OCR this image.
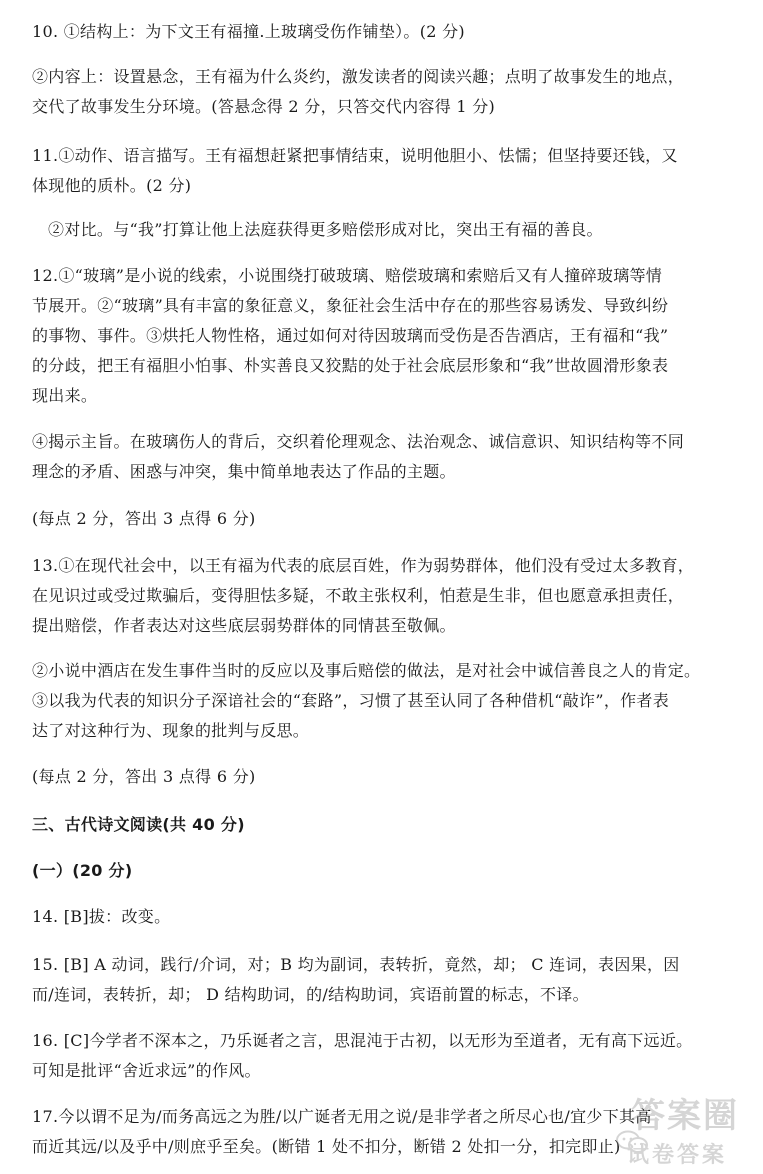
10. ①结构上：为下文王有福撞.上玻璃受伤作铺垫）。(2 分)
②内容上：设置悬念，王有福为什么炎约，激发读者的阅读兴趣；点明了故事发生的地点，
交代了故事发生分环境。(答悬念得 2 分，只答交代内容得 1 分)
11.①动作、语言描写。王有福想赶紧把事情结束，说明他胆小、怯懦；但坚持要还钱，又
体现他的质朴。(2 分)
②对比。与“我”打算让他上法庭获得更多赔偿形成对比，突出王有福的善良。
12.①“玻璃”是小说的线索，小说围绕打破玻璃、赔偿玻璃和索赔后又有人撞碎玻璃等情
节展开。②“玻璃”具有丰富的象征意义，象征社会生活中存在的那些容易诱发、导致纠纷
的事物、事件。③烘托人物性格，通过如何对待因玻璃而受伤是否告酒店，王有福和“我”
的分歧，把王有福胆小怕事、朴实善良又狡黠的处于社会底层形象和“我”世故圆滑形象表
现出来。
④揭示主旨。在玻璃伤人的背后，交织着伦理观念、法治观念、诚信意识、知识结构等不同
理念的矛盾、困惑与冲突，集中简单地表达了作品的主题。
(每点 2 分，答出 3 点得 6 分)
13.①在现代社会中，以王有福为代表的底层百姓，作为弱势群体，他们没有受过太多教育，
在见识过或受过欺骗后，变得胆怯多疑，不敢主张权利，怕惹是生非，但也愿意承担责任，
提出赔偿，作者表达对这些底层弱势群体的同情甚至敬佩。
②小说中酒店在发生事件当时的反应以及事后赔偿的做法，是对社会中诚信善良之人的肯定。
③以我为代表的知识分子深谙社会的“套路”，习惯了甚至认同了各种借机“敲诈”，作者表
达了对这种行为、现象的批判与反思。
(每点 2 分，答出 3 点得 6 分)
三、古代诗文阅读(共 40 分)
(一）(20 分)
14. [B]拔：改变。
15. [B] A 动词，践行/介词，对；B 均为副词，表转折，竟然，却； C 连词，表因果，因
而/连词，表转折，却； D 结构助词，的/结构助词，宾语前置的标志，不译。
16. [C]今学者不深本之，乃乐诞者之言，思混沌于古初，以无形为至道者，无有高下远近。
可知是批评“舍近求远”的作风。
17.今以谓不足为/而务高远之为胜/以广诞者无用之说/是非学者之所尽心也/宜少下其高
而近其远/以及乎中/则庶乎至矣。(断错 1 处不扣分，断错 2 处扣一分，扣完即止)
答案圈
试卷答案
